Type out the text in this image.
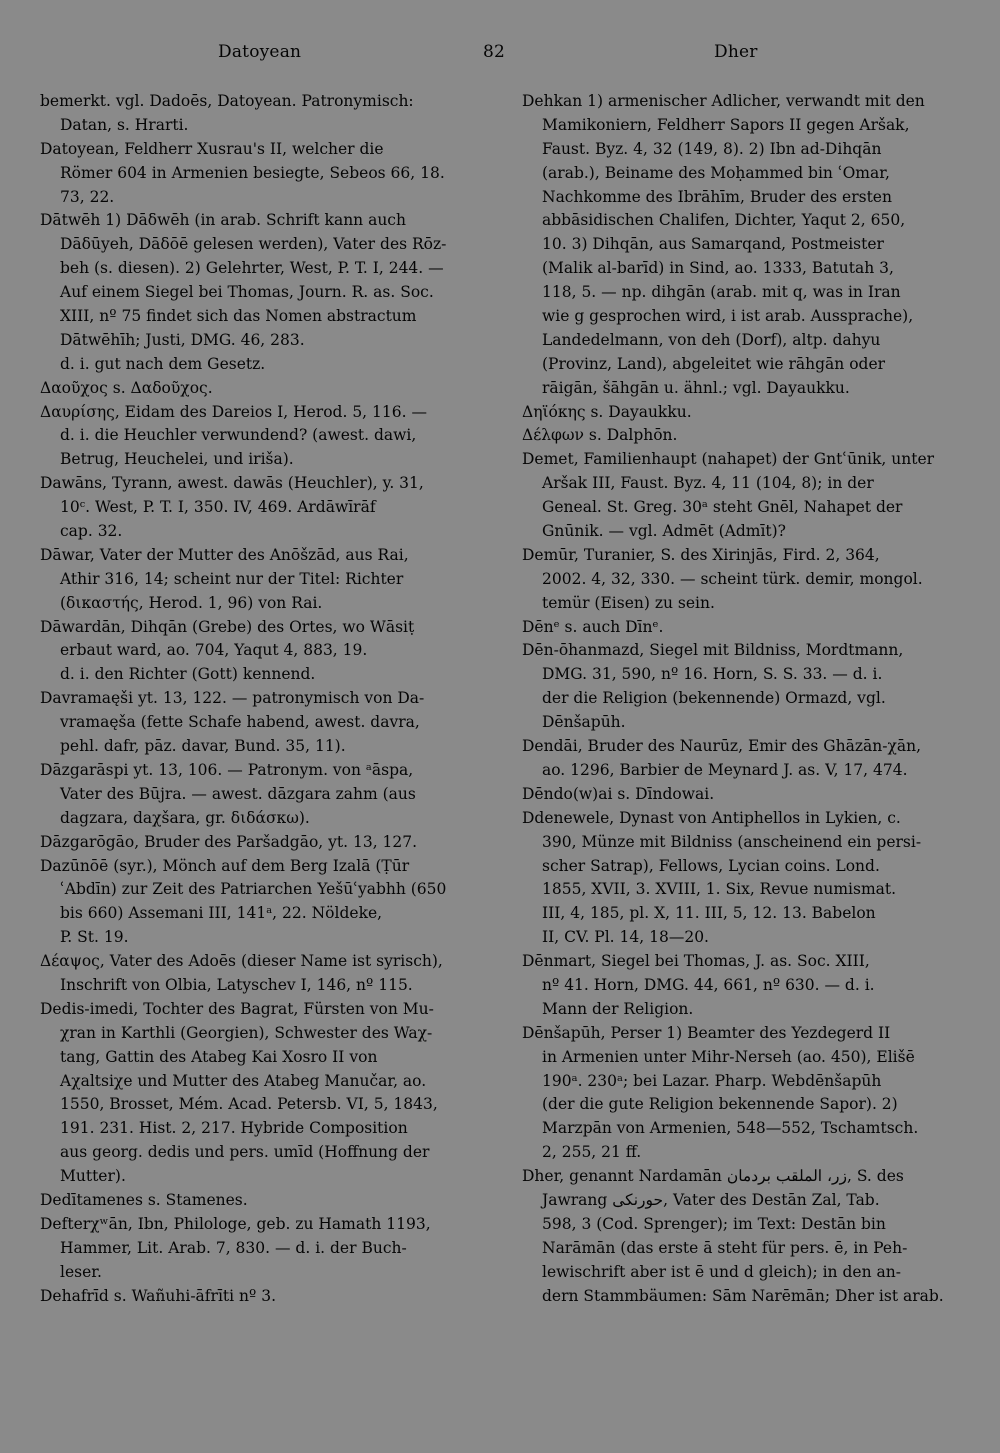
Datoyean	82	Dher
bemerkt. vgl. Dadoēs, Datoyean. Patronymisch:
Datan, s. Hrarti.
Datoyean, Feldherr Xusrau's II, welcher die
Römer 604 in Armenien besiegte, Sebeos 66, 18.
73, 22.
Dātwēh 1) Dāδwēh (in arab. Schrift kann auch
Dāδūyeh, Dāδōē gelesen werden), Vater des Rōz-
beh (s. diesen). 2) Gelehrter, West, P. T. I, 244. —
Auf einem Siegel bei Thomas, Journ. R. as. Soc.
XIII, nº 75 findet sich das Nomen abstractum
Dātwēhīh; Justi, DMG. 46, 283.
d. i. gut nach dem Gesetz.
Δαοῦχος s. Δαδοῦχος.
Δαυρίσης, Eidam des Dareios I, Herod. 5, 116. —
d. i. die Heuchler verwundend? (awest. dawi,
Betrug, Heuchelei, und iriša).
Dawāns, Tyrann, awest. dawās (Heuchler), y. 31,
10ᶜ. West, P. T. I, 350. IV, 469. Ardāwīrāf
cap. 32.
Dāwar, Vater der Mutter des Anōšzād, aus Rai,
Athir 316, 14; scheint nur der Titel: Richter
(δικαστής, Herod. 1, 96) von Rai.
Dāwardān, Dihqān (Grebe) des Ortes, wo Wāsiṭ
erbaut ward, ao. 704, Yaqut 4, 883, 19.
d. i. den Richter (Gott) kennend.
Davramaęši yt. 13, 122. — patronymisch von Da-
vramaęša (fette Schafe habend, awest. davra,
pehl. dafr, pāz. davar, Bund. 35, 11).
Dāzgarāspi yt. 13, 106. — Patronym. von ᵃāspa,
Vater des Būjra. — awest. dāzgara zahm (aus
dagzara, daχšara, gr. διδάσκω).
Dāzgarōgāo, Bruder des Paršadgāo, yt. 13, 127.
Dazūnōē (syr.), Mönch auf dem Berg Izalā (Ṭūr
ʿAbdīn) zur Zeit des Patriarchen Yešūʿyabhh (650
bis 660) Assemani III, 141ᵃ, 22. Nöldeke,
P. St. 19.
Δέαψος, Vater des Adoēs (dieser Name ist syrisch),
Inschrift von Olbia, Latyschev I, 146, nº 115.
Dedis-imedi, Tochter des Bagrat, Fürsten von Mu-
χran in Karthli (Georgien), Schwester des Waχ-
tang, Gattin des Atabeg Kai Xosro II von
Aχaltsiχe und Mutter des Atabeg Manučar, ao.
1550, Brosset, Mém. Acad. Petersb. VI, 5, 1843,
191. 231. Hist. 2, 217. Hybride Composition
aus georg. dedis und pers. umīd (Hoffnung der
Mutter).
Dedītamenes s. Stamenes.
Defterχʷān, Ibn, Philologe, geb. zu Hamath 1193,
Hammer, Lit. Arab. 7, 830. — d. i. der Buch-
leser.
Dehafrīd s. Wañuhi-āfrīti nº 3.
Dehkan 1) armenischer Adlicher, verwandt mit den
Mamikoniern, Feldherr Sapors II gegen Aršak,
Faust. Byz. 4, 32 (149, 8). 2) Ibn ad-Dihqān
(arab.), Beiname des Moḥammed bin ʿOmar,
Nachkomme des Ibrāhīm, Bruder des ersten
abbāsidischen Chalifen, Dichter, Yaqut 2, 650,
10. 3) Dihqān, aus Samarqand, Postmeister
(Malik al-barīd) in Sind, ao. 1333, Batutah 3,
118, 5. — np. dihgān (arab. mit q, was in Iran
wie g gesprochen wird, i ist arab. Aussprache),
Landedelmann, von deh (Dorf), altp. dahyu
(Provinz, Land), abgeleitet wie rāhgān oder
rāigān, šāhgān u. ähnl.; vgl. Dayaukku.
Δηϊόκης s. Dayaukku.
Δέλφων s. Dalphōn.
Demet, Familienhaupt (nahapet) der Gntʿūnik, unter
Aršak III, Faust. Byz. 4, 11 (104, 8); in der
Geneal. St. Greg. 30ᵃ steht Gnēl, Nahapet der
Gnūnik. — vgl. Admēt (Admīt)?
Demūr, Turanier, S. des Xirinjās, Fird. 2, 364,
2002. 4, 32, 330. — scheint türk. demir, mongol.
temür (Eisen) zu sein.
Dēnᵉ s. auch Dīnᵉ.
Dēn-ōhanmazd, Siegel mit Bildniss, Mordtmann,
DMG. 31, 590, nº 16. Horn, S. S. 33. — d. i.
der die Religion (bekennende) Ormazd, vgl.
Dēnšapūh.
Dendāi, Bruder des Naurūz, Emir des Ghāzān-χān,
ao. 1296, Barbier de Meynard J. as. V, 17, 474.
Dēndo(w)ai s. Dīndowai.
Ddenewele, Dynast von Antiphellos in Lykien, c.
390, Münze mit Bildniss (anscheinend ein persi-
scher Satrap), Fellows, Lycian coins. Lond.
1855, XVII, 3. XVIII, 1. Six, Revue numismat.
III, 4, 185, pl. X, 11. III, 5, 12. 13. Babelon
II, CV. Pl. 14, 18—20.
Dēnmart, Siegel bei Thomas, J. as. Soc. XIII,
nº 41. Horn, DMG. 44, 661, nº 630. — d. i.
Mann der Religion.
Dēnšapūh, Perser 1) Beamter des Yezdegerd II
in Armenien unter Mihr-Nerseh (ao. 450), Elišē
190ᵃ. 230ᵃ; bei Lazar. Pharp. Webdēnšapūh
(der die gute Religion bekennende Sapor). 2)
Marzpān von Armenien, 548—552, Tschamtsch.
2, 255, 21 ff.
Dher, genannt Nardamān زر، الملقب بردمان, S. des
Jawrang حورنكى, Vater des Destān Zal, Tab.
598, 3 (Cod. Sprenger); im Text: Destān bin
Narāmān (das erste ā steht für pers. ē, in Peh-
lewischrift aber ist ē und d gleich); in den an-
dern Stammbäumen: Sām Narēmān; Dher ist arab.
